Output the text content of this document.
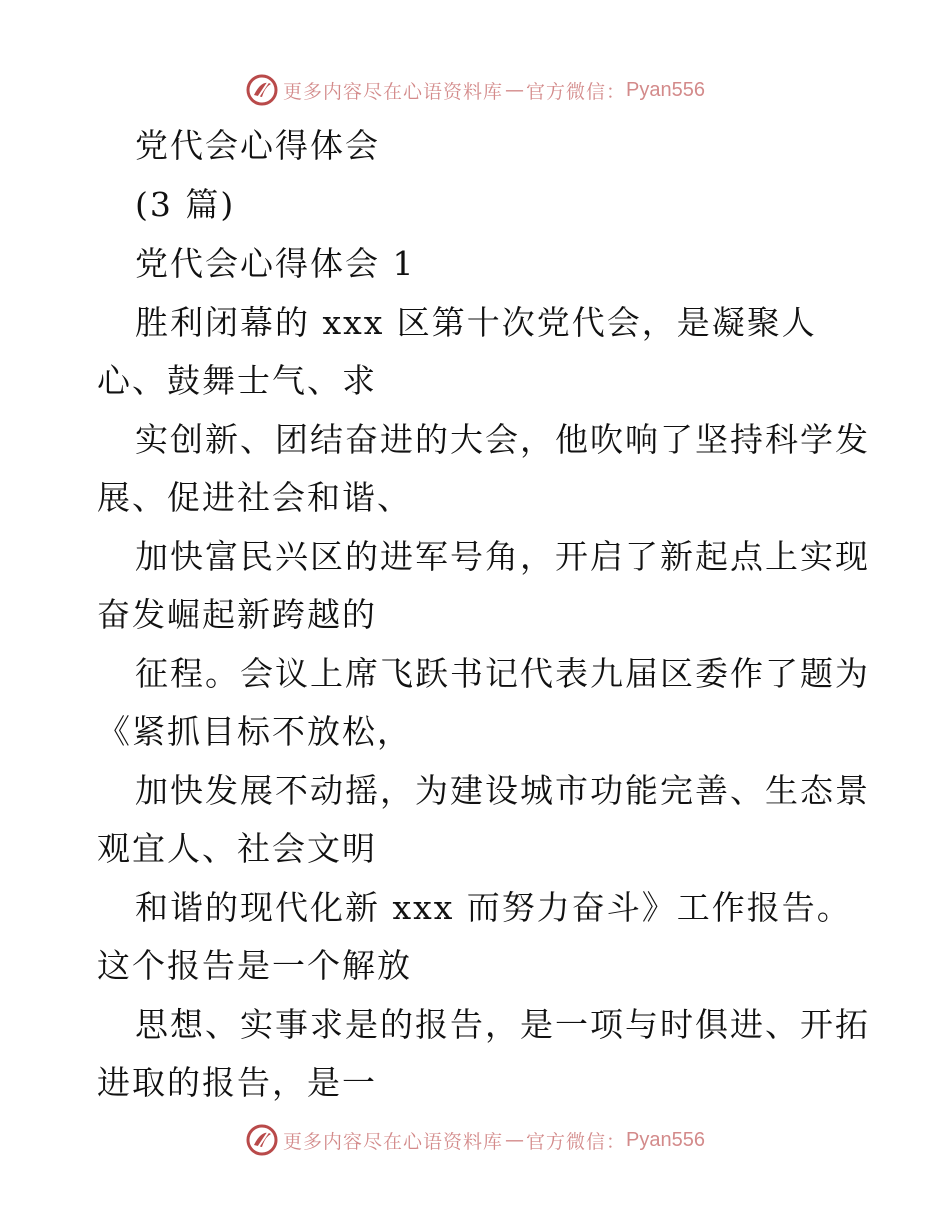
更多内容尽在心语资料库 — 官方微信： Pyan556
党代会心得体会
(3 篇)
党代会心得体会 1
胜利闭幕的 xxx 区第十次党代会，是凝聚人
心、鼓舞士气、求
实创新、团结奋进的大会，他吹响了坚持科学发
展、促进社会和谐、
加快富民兴区的进军号角，开启了新起点上实现
奋发崛起新跨越的
征程。会议上席飞跃书记代表九届区委作了题为
《紧抓目标不放松，
加快发展不动摇，为建设城市功能完善、生态景
观宜人、社会文明
和谐的现代化新 xxx 而努力奋斗》工作报告。
这个报告是一个解放
思想、实事求是的报告，是一项与时俱进、开拓
进取的报告，是一
更多内容尽在心语资料库 — 官方微信： Pyan556
